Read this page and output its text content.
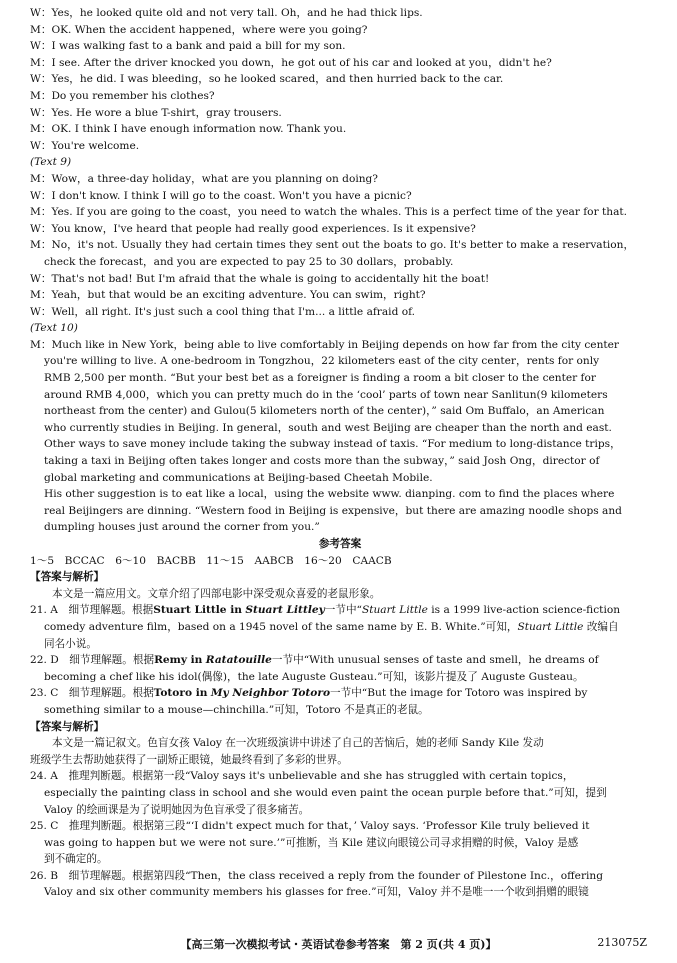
W：Yes，he looked quite old and not very tall. Oh，and he had thick lips.
M：OK. When the accident happened，where were you going?
W：I was walking fast to a bank and paid a bill for my son.
M：I see. After the driver knocked you down，he got out of his car and looked at you，didn't he?
W：Yes，he did. I was bleeding，so he looked scared，and then hurried back to the car.
M：Do you remember his clothes?
W：Yes. He wore a blue T-shirt，gray trousers.
M：OK. I think I have enough information now. Thank you.
W：You're welcome.
(Text 9)
M：Wow，a three-day holiday，what are you planning on doing?
W：I don't know. I think I will go to the coast. Won't you have a picnic?
M：Yes. If you are going to the coast，you need to watch the whales. This is a perfect time of the year for that.
W：You know，I've heard that people had really good experiences. Is it expensive?
M：No，it's not. Usually they had certain times they sent out the boats to go. It's better to make a reservation，
check the forecast，and you are expected to pay 25 to 30 dollars，probably.
W：That's not bad! But I'm afraid that the whale is going to accidentally hit the boat!
M：Yeah，but that would be an exciting adventure. You can swim，right?
W：Well，all right. It's just such a cool thing that I'm... a little afraid of.
(Text 10)
M：Much like in New York，being able to live comfortably in Beijing depends on how far from the city center
you're willing to live. A one-bedroom in Tongzhou，22 kilometers east of the city center，rents for only
RMB 2,500 per month. “But your best bet as a foreigner is finding a room a bit closer to the center for
around RMB 4,000，which you can pretty much do in the ‘cool’ parts of town near Sanlitun(9 kilometers
northeast from the center) and Gulou(5 kilometers north of the center)，” said Om Buffalo，an American
who currently studies in Beijing. In general，south and west Beijing are cheaper than the north and east.
Other ways to save money include taking the subway instead of taxis. “For medium to long-distance trips，
taking a taxi in Beijing often takes longer and costs more than the subway，” said Josh Ong，director of
global marketing and communications at Beijing-based Cheetah Mobile.
His other suggestion is to eat like a local，using the website www. dianping. com to find the places where
real Beijingers are dinning. “Western food in Beijing is expensive，but there are amazing noodle shops and
dumpling houses just around the corner from you.”
参考答案
1～5　BCCAC　6～10　BACBB　11～15　AABCB　16～20　CAACB
【答案与解析】
本文是一篇应用文。文章介绍了四部电影中深受观众喜爱的老鼠形象。
21. A　细节理解题。根据Stuart Little in Stuart Littley一节中“Stuart Little is a 1999 live-action science-fiction
comedy adventure film，based on a 1945 novel of the same name by E. B. White.”可知，Stuart Little 改编自
同名小说。
22. D　细节理解题。根据Remy in Ratatouille一节中“With unusual senses of taste and smell，he dreams of
becoming a chef like his idol(偶像)，the late Auguste Gusteau.”可知，该影片提及了 Auguste Gusteau。
23. C　细节理解题。根据Totoro in My Neighbor Totoro一节中“But the image for Totoro was inspired by
something similar to a mouse—chinchilla.”可知，Totoro 不是真正的老鼠。
【答案与解析】
本文是一篇记叙文。色盲女孩 Valoy 在一次班级演讲中讲述了自己的苦恼后，她的老师 Sandy Kile 发动
班级学生去帮助她获得了一副矫正眼镜，她最终看到了多彩的世界。
24. A　推理判断题。根据第一段“Valoy says it's unbelievable and she has struggled with certain topics，
especially the painting class in school and she would even paint the ocean purple before that.”可知，提到
Valoy 的绘画课是为了说明她因为色盲承受了很多痛苦。
25. C　推理判断题。根据第三段“‘I didn't expect much for that，’ Valoy says. ‘Professor Kile truly believed it
was going to happen but we were not sure.’”可推断，当 Kile 建议向眼镜公司寻求捐赠的时候，Valoy 是感
到不确定的。
26. B　细节理解题。根据第四段“Then，the class received a reply from the founder of Pilestone Inc.，offering
Valoy and six other community members his glasses for free.”可知，Valoy 并不是唯一一个收到捐赠的眼镜
【高三第一次模拟考试・英语试卷参考答案　第 2 页(共 4 页)】	213075Z
